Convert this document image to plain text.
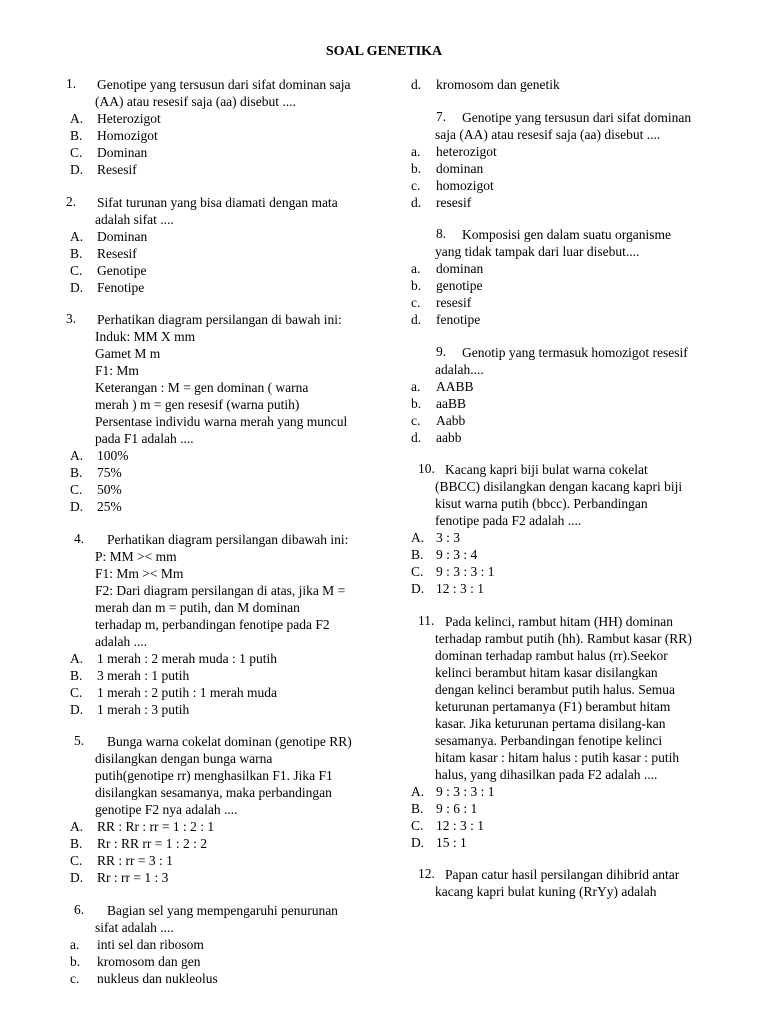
SOAL GENETIKA
1. Genotipe yang tersusun dari sifat dominan saja
(AA) atau resesif saja (aa) disebut ....
A. Heterozigot
B. Homozigot
C. Dominan
D. Resesif
2. Sifat turunan yang bisa diamati dengan mata
adalah sifat ....
A. Dominan
B. Resesif
C. Genotipe
D. Fenotipe
3. Perhatikan diagram persilangan di bawah ini:
Induk: MM X mm
Gamet M m
F1: Mm
Keterangan : M = gen dominan ( warna
merah ) m = gen resesif (warna putih)
Persentase individu warna merah yang muncul
pada F1 adalah ....
A. 100%
B. 75%
C. 50%
D. 25%
4.	Perhatikan diagram persilangan dibawah ini:
P: MM >< mm
F1: Mm >< Mm
F2: Dari diagram persilangan di atas, jika M =
merah dan m = putih, dan M dominan
terhadap m, perbandingan fenotipe pada F2
adalah ....
A. 1 merah : 2 merah muda : 1 putih
B. 3 merah : 1 putih
C. 1 merah : 2 putih : 1 merah muda
D. 1 merah : 3 putih
5.	Bunga warna cokelat dominan (genotipe RR)
disilangkan dengan bunga warna
putih(genotipe rr) menghasilkan F1. Jika F1
disilangkan sesamanya, maka perbandingan
genotipe F2 nya adalah ....
A. RR : Rr : rr = 1 : 2 : 1
B. Rr : RR rr = 1 : 2 : 2
C. RR : rr = 3 : 1
D. Rr : rr = 1 : 3
6.	Bagian sel yang mempengaruhi penurunan
sifat adalah ....
a. inti sel dan ribosom
b. kromosom dan gen
c. nukleus dan nukleolus
d. kromosom dan genetik
7.	Genotipe yang tersusun dari sifat dominan
saja (AA) atau resesif saja (aa) disebut ....
a. heterozigot
b. dominan
c. homozigot
d. resesif
8.	Komposisi gen dalam suatu organisme
yang tidak tampak dari luar disebut....
a. dominan
b. genotipe
c. resesif
d. fenotipe
9.	Genotip yang termasuk homozigot resesif
adalah....
a. AABB
b. aaBB
c. Aabb
d. aabb
10. Kacang kapri biji bulat warna cokelat
(BBCC) disilangkan dengan kacang kapri biji
kisut warna putih (bbcc). Perbandingan
fenotipe pada F2 adalah ....
A. 3 : 3
B. 9 : 3 : 4
C. 9 : 3 : 3 : 1
D. 12 : 3 : 1
11. Pada kelinci, rambut hitam (HH) dominan
terhadap rambut putih (hh). Rambut kasar (RR)
dominan terhadap rambut halus (rr).Seekor
kelinci berambut hitam kasar disilangkan
dengan kelinci berambut putih halus. Semua
keturunan pertamanya (F1) berambut hitam
kasar. Jika keturunan pertama disilang-kan
sesamanya. Perbandingan fenotipe kelinci
hitam kasar : hitam halus : putih kasar : putih
halus, yang dihasilkan pada F2 adalah ....
A. 9 : 3 : 3 : 1
B. 9 : 6 : 1
C. 12 : 3 : 1
D. 15 : 1
12. Papan catur hasil persilangan dihibrid antar
kacang kapri bulat kuning (RrYy) adalah
